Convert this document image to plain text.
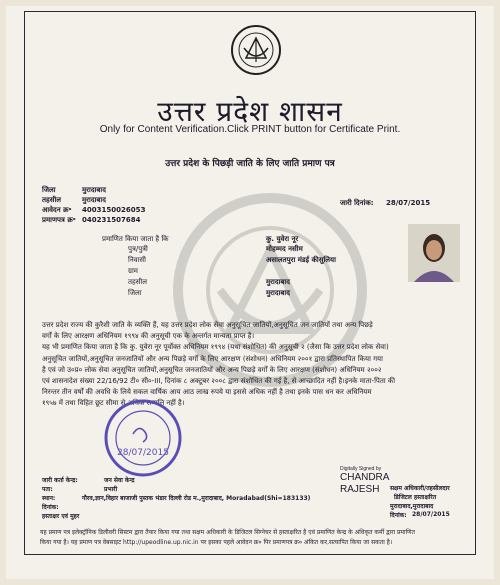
उत्तर प्रदेश शासन
Only for Content Verification.Click PRINT button for Certificate Print.
उत्तर प्रदेश के पिछड़ी जाति के लिए जाति प्रमाण पत्र
जिला	मुरादाबाद
तहसील	मुरादाबाद
आवेदन क्र॰ 400315002605З
प्रमाणपत्र क्र॰ 040231507684
जारी दिनांक: 28/07/2015
प्रमाणित किया जाता है कि	कु. युवेरा नूर
पुत्र/पुत्री	मोहम्मद नसीम
निवासी	असालतपुरा मंडई कीसुलिया
ग्राम
तहसील	मुरादाबाद
जिला	मुरादाबाद
उत्तर प्रदेश राज्य की कुरैशी जाति के व्यक्ति हैं, यह उत्तर प्रदेश लोक सेवा अनुसूचित जातियों,अनुसूचित जन जातियों तथा अन्य पिछड़े
वर्गों के लिए आरक्षण अधिनियम १९९४ की अनुसूची एक के अन्तर्गत मान्यता प्राप्त है।
यह भी प्रमाणित किया जाता है कि कु. युवेरा नूर पूर्वोक्त अधिनियम १९९४ (यथा संशोधित) की अनुसूची २ (जैसा कि उत्तर प्रदेश लोक सेवा)
अनुसूचित जातियों,अनुसूचित जनजातियों और अन्य पिछड़े वर्गों के लिए आरक्षण (संशोधन) अधिनियम २००१ द्वारा प्रतिस्थापित किया गया
है एवं जो उ०प्र० लोक सेवा अनुसूचित जातियों,अनुसूचित जनजातियों और अन्य पिछड़े वर्गों के लिए आरक्षण (संशोधन) अधिनियम २००२
एवं शासनादेश संख्या 22/16/92 टी० सी०-III, दिनांक ८ अक्टूबर २००८ द्वारा संशोधित की गई है, से आच्छादित नहीं है।इनके माता-पिता की
निरन्तर तीन वर्षों की अवधि के लिये सकल वार्षिक आय आठ लाख रुपये या इससे अधिक नहीं है तथा इनके पास धन कर अधिनियम
१९५७ में तथा विहित छूट सीमा से अधिक सम्पत्ति नहीं है।
28/07/2015
जारी कर्ता केन्द्र:	जन सेवा केन्द्र
पता:	प्रभारी
स्थान:	गौरव,ज्ञान,विहार बाजाजी पुस्तक भंडार दिल्ली रोड म.,मुरादाबाद, Moradabad(Shi=183133)
दिनांक:
हस्ताक्षर एवं मुहर
Digitally Signed by
CHANDRA
RAJESH सक्षम अधिकारी/तहसीलदार
डिजिटल हस्ताक्षरित
मुरादाबाद,मुरादाबाद
दिनांक: 28/07/2015
यह प्रमाण पत्र इलेक्ट्रॉनिक डिलीवरी सिस्टम द्वारा तैयार किया गया तथा सक्षम अधिकारी के डिजिटल सिग्नेचर से हस्ताक्षरित है एवं प्रमाणित केन्द्र के अधिकृत कर्मी द्वारा प्रमाणित
किया गया है। यह प्रमाण पत्र वेबसाइट http://upeodline.up.nic.in पर इसका पहले आवेदन क्र० पिर प्रमाणपत्र क्र० अंकित कर,सत्यापित किया जा सकता है।
